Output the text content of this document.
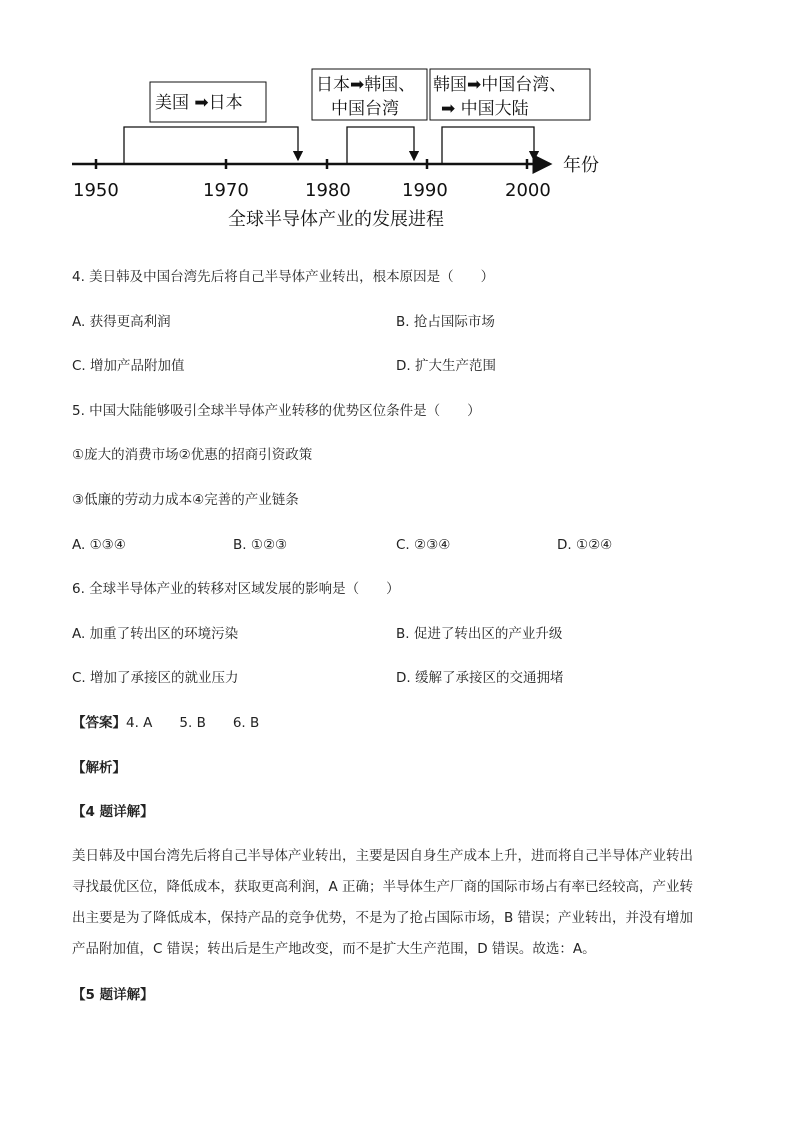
年份
1950	1970	1980	1990	2000
美国 ➡日本
日本➡韩国、
中国台湾
韩国➡中国台湾、
➡ 中国大陆
全球半导体产业的发展进程
4. 美日韩及中国台湾先后将自己半导体产业转出，根本原因是（　　）
A. 获得更高利润	B. 抢占国际市场
C. 增加产品附加值	D. 扩大生产范围
5. 中国大陆能够吸引全球半导体产业转移的优势区位条件是（　　）
①庞大的消费市场②优惠的招商引资政策
③低廉的劳动力成本④完善的产业链条
A. ①③④	B. ①②③	C. ②③④	D. ①②④
6. 全球半导体产业的转移对区域发展的影响是（　　）
A. 加重了转出区的环境污染	B. 促进了转出区的产业升级
C. 增加了承接区的就业压力	D. 缓解了承接区的交通拥堵
【答案】4. A　　5. B　　6. B
【解析】
【4 题详解】
美日韩及中国台湾先后将自己半导体产业转出，主要是因自身生产成本上升，进而将自己半导体产业转出
寻找最优区位，降低成本，获取更高利润，A 正确；半导体生产厂商的国际市场占有率已经较高，产业转
出主要是为了降低成本，保持产品的竞争优势，不是为了抢占国际市场，B 错误；产业转出，并没有增加
产品附加值，C 错误；转出后是生产地改变，而不是扩大生产范围，D 错误。故选：A。
【5 题详解】
